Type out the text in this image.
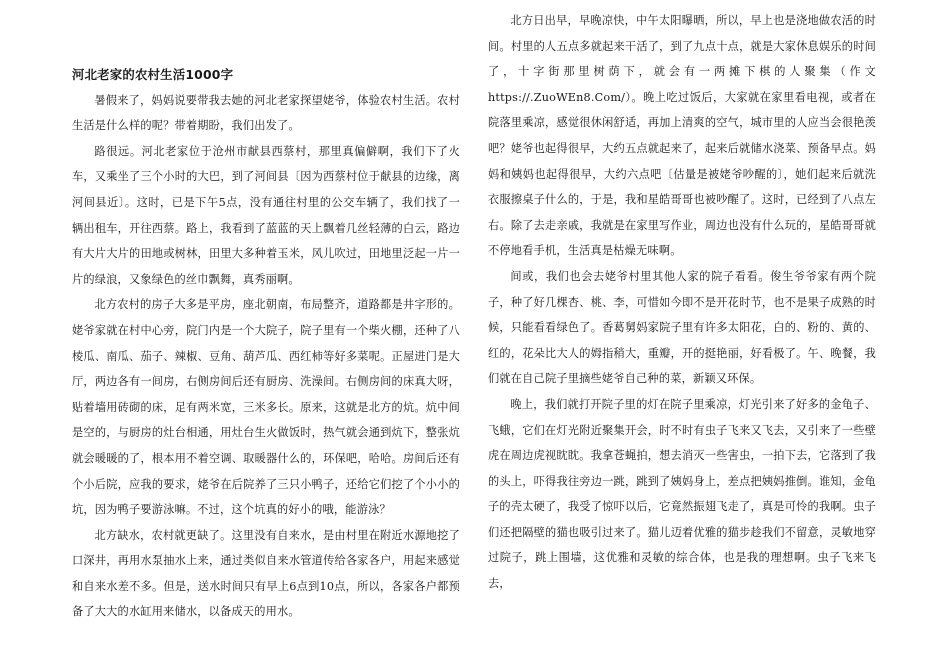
河北老家的农村生活1000字

暑假来了，妈妈说要带我去她的河北老家探望姥爷，体验农村生活。农村生活是什么样的呢？带着期盼，我们出发了。

路很远。河北老家位于沧州市献县西蔡村，那里真偏僻啊，我们下了火车，又乘坐了三个小时的大巴，到了河间县〔因为西蔡村位于献县的边缘，离河间县近〕。这时，已是下午5点，没有通往村里的公交车辆了，我们找了一辆出租车，开往西蔡。路上，我看到了蓝蓝的天上飘着几丝轻薄的白云，路边有大片大片的田地或树林，田里大多种着玉米，风儿吹过，田地里泛起一片一片的绿浪，又象绿色的丝巾飘舞，真秀丽啊。

北方农村的房子大多是平房，座北朝南，布局整齐，道路都是井字形的。姥爷家就在村中心旁，院门内是一个大院子，院子里有一个柴火棚，还种了八棱瓜、南瓜、茄子、辣椒、豆角、葫芦瓜、西红柿等好多菜呢。正屋进门是大厅，两边各有一间房，右侧房间后还有厨房、洗澡间。右侧房间的床真大呀，贴着墙用砖砌的床，足有两米宽，三米多长。原来，这就是北方的炕。炕中间是空的，与厨房的灶台相通，用灶台生火做饭时，热气就会通到炕下，整张炕就会暖暖的了，根本用不着空调、取暖器什么的，环保吧，哈哈。房间后还有个小后院，应我的要求，姥爷在后院养了三只小鸭子，还给它们挖了个小小的坑，因为鸭子要游泳嘛。不过，这个坑真的好小的哦，能游泳？

北方缺水，农村就更缺了。这里没有自来水，是由村里在附近水源地挖了口深井，再用水泵抽水上来，通过类似自来水管道传给各家各户，用起来感觉和自来水差不多。但是，送水时间只有早上6点到10点，所以，各家各户都预备了大大的水缸用来储水，以备成天的用水。

北方日出早，早晚凉快，中午太阳曝晒，所以，早上也是浇地做农活的时间。村里的人五点多就起来干活了，到了九点十点，就是大家休息娱乐的时间了，十字街那里树荫下，就会有一两摊下棋的人聚集（作文https://.ZuoWEn8.Com/）。晚上吃过饭后，大家就在家里看电视，或者在院落里乘凉，感觉很休闲舒适，再加上清爽的空气，城市里的人应当会很艳羡吧？姥爷也起得很早，大约五点就起来了，起来后就储水浇菜、预备早点。妈妈和姨妈也起得很早，大约六点吧〔估量是被姥爷吵醒的〕，她们起来后就洗衣服擦桌子什么的，于是，我和星皓哥哥也被吵醒了。这时，已经到了八点左右。除了去走亲戚，我就是在家里写作业，周边也没有什么玩的，星皓哥哥就不停地看手机，生活真是枯燥无味啊。

间或，我们也会去姥爷村里其他人家的院子看看。俊生爷爷家有两个院子，种了好几棵杏、桃、李，可惜如今即不是开花时节，也不是果子成熟的时候，只能看看绿色了。香葛舅妈家院子里有许多太阳花，白的、粉的、黄的、红的，花朵比大人的姆指稍大，重瓣，开的挺艳丽，好看极了。午、晚餐，我们就在自己院子里摘些姥爷自己种的菜，新颖又环保。

晚上，我们就打开院子里的灯在院子里乘凉，灯光引来了好多的金龟子、飞蛾，它们在灯光附近聚集开会，时不时有虫子飞来又飞去，又引来了一些壁虎在周边虎视眈眈。我拿苍蝇拍，想去消灭一些害虫，一拍下去，它落到了我的头上，吓得我往旁边一跳，跳到了姨妈身上，差点把姨妈推倒。谁知，金龟子的壳太硬了，我受了惊吓以后，它竟然振翅飞走了，真是可怜的我啊。虫子们还把隔壁的猫也吸引过来了。猫儿迈着优雅的猫步趁我们不留意，灵敏地穿过院子，跳上围墙，这优雅和灵敏的综合体，也是我的理想啊。虫子飞来飞去，
